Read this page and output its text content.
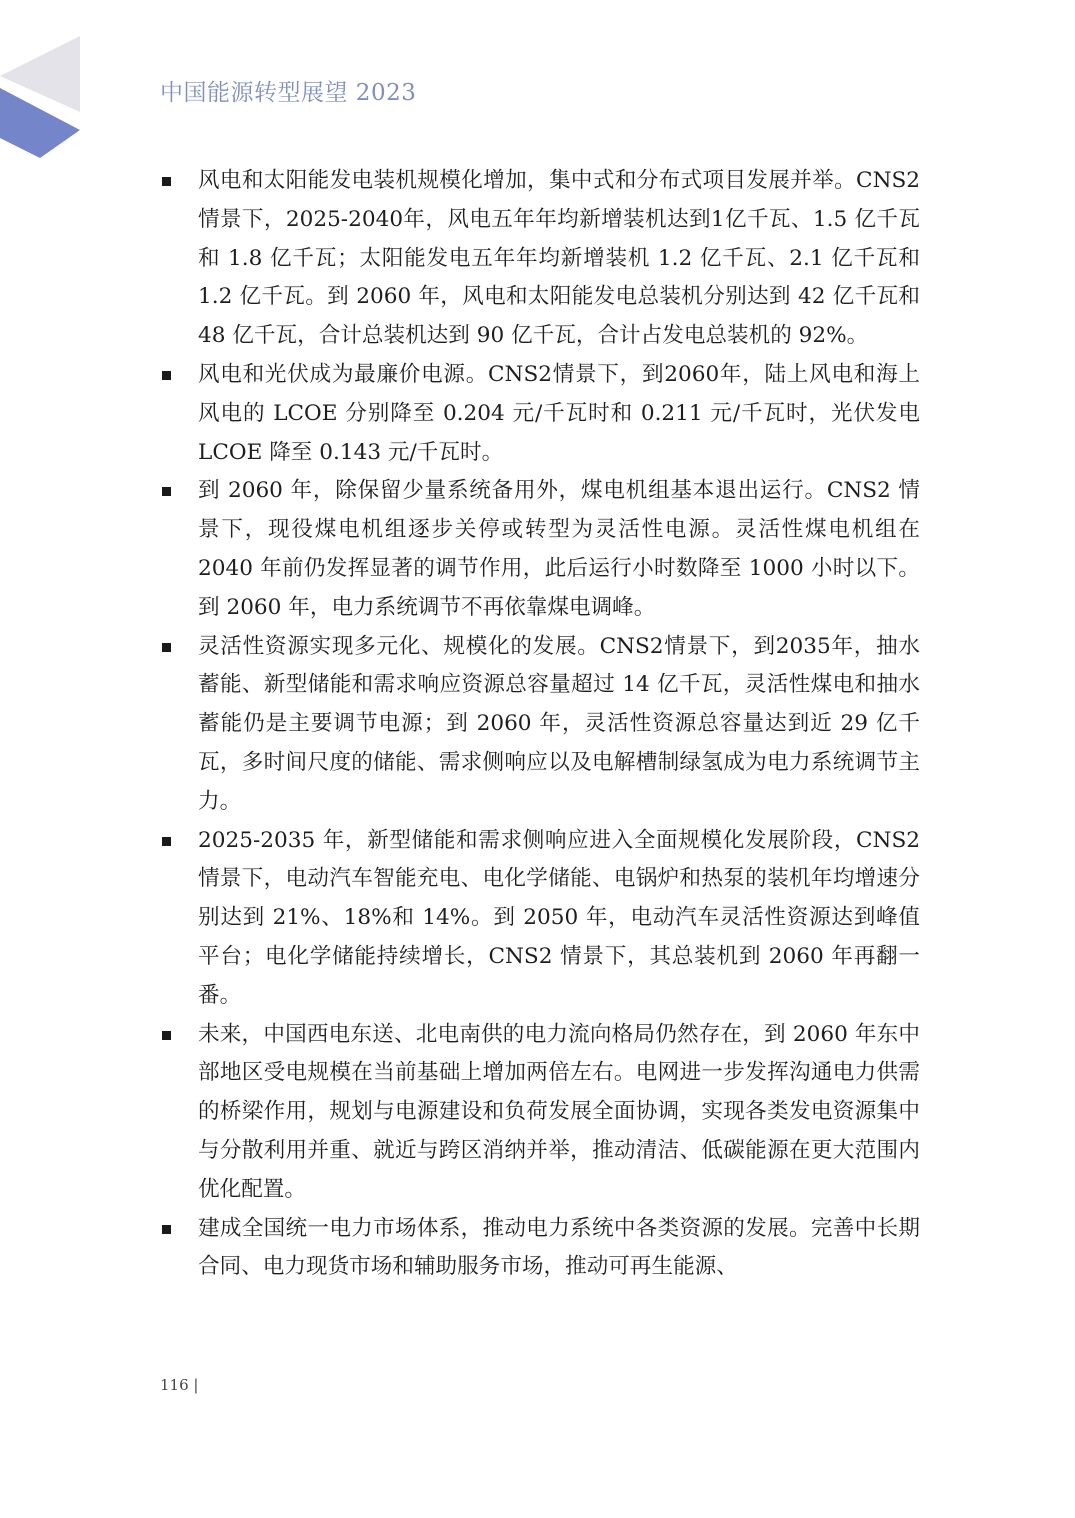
中国能源转型展望 2023
风电和太阳能发电装机规模化增加，集中式和分布式项目发展并举。CNS2情景下，2025-2040年，风电五年年均新增装机达到1亿千瓦、1.5 亿千瓦和 1.8 亿千瓦；太阳能发电五年年均新增装机 1.2 亿千瓦、2.1 亿千瓦和 1.2 亿千瓦。到 2060 年，风电和太阳能发电总装机分别达到 42 亿千瓦和 48 亿千瓦，合计总装机达到 90 亿千瓦，合计占发电总装机的 92%。
风电和光伏成为最廉价电源。CNS2情景下，到2060年，陆上风电和海上风电的 LCOE 分别降至 0.204 元/千瓦时和 0.211 元/千瓦时，光伏发电 LCOE 降至 0.143 元/千瓦时。
到 2060 年，除保留少量系统备用外，煤电机组基本退出运行。CNS2 情景下，现役煤电机组逐步关停或转型为灵活性电源。灵活性煤电机组在 2040 年前仍发挥显著的调节作用，此后运行小时数降至 1000 小时以下。到 2060 年，电力系统调节不再依靠煤电调峰。
灵活性资源实现多元化、规模化的发展。CNS2情景下，到2035年，抽水蓄能、新型储能和需求响应资源总容量超过 14 亿千瓦，灵活性煤电和抽水蓄能仍是主要调节电源；到 2060 年，灵活性资源总容量达到近 29 亿千瓦，多时间尺度的储能、需求侧响应以及电解槽制绿氢成为电力系统调节主力。
2025-2035 年，新型储能和需求侧响应进入全面规模化发展阶段，CNS2 情景下，电动汽车智能充电、电化学储能、电锅炉和热泵的装机年均增速分别达到 21%、18%和 14%。到 2050 年，电动汽车灵活性资源达到峰值平台；电化学储能持续增长，CNS2 情景下，其总装机到 2060 年再翻一番。
未来，中国西电东送、北电南供的电力流向格局仍然存在，到 2060 年东中部地区受电规模在当前基础上增加两倍左右。电网进一步发挥沟通电力供需的桥梁作用，规划与电源建设和负荷发展全面协调，实现各类发电资源集中与分散利用并重、就近与跨区消纳并举，推动清洁、低碳能源在更大范围内优化配置。
建成全国统一电力市场体系，推动电力系统中各类资源的发展。完善中长期合同、电力现货市场和辅助服务市场，推动可再生能源、
116 |
